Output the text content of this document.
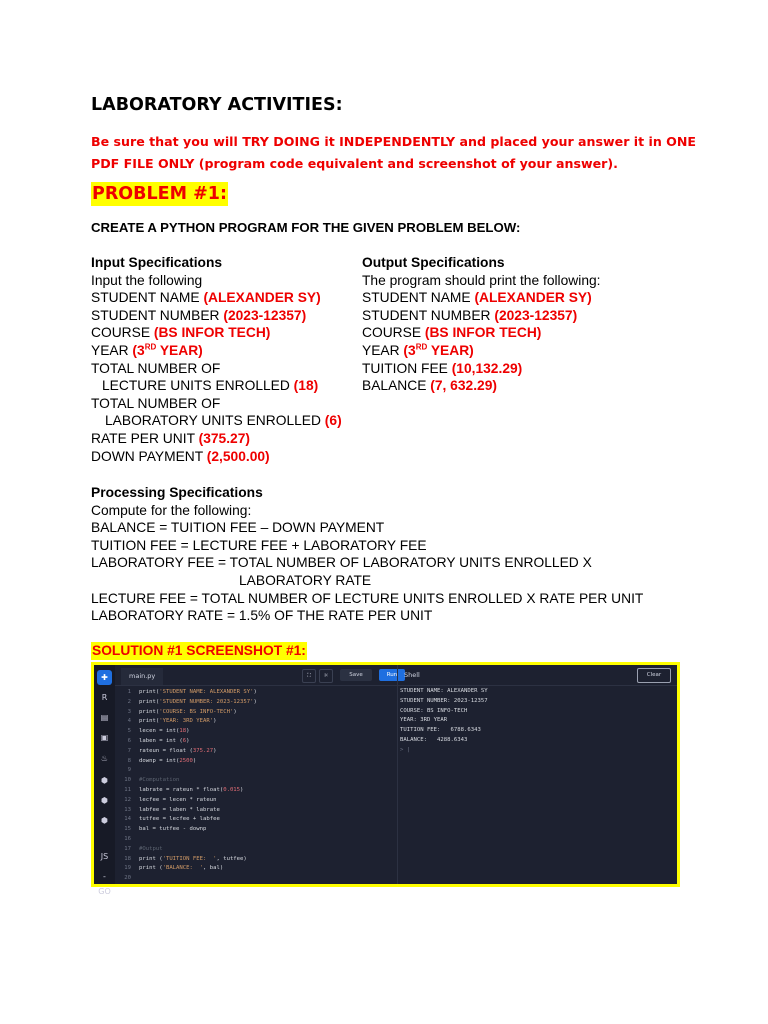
LABORATORY ACTIVITIES:
Be sure that you will TRY DOING it INDEPENDENTLY and placed your answer it in ONE PDF FILE ONLY (program code equivalent and screenshot of your answer).
PROBLEM #1:
CREATE A PYTHON PROGRAM FOR THE GIVEN PROBLEM BELOW:
Input Specifications
Input the following
STUDENT NAME (ALEXANDER SY)
STUDENT NUMBER (2023-12357)
COURSE (BS INFOR TECH)
YEAR (3RD YEAR)
TOTAL NUMBER OF
LECTURE UNITS ENROLLED (18)
TOTAL NUMBER OF
LABORATORY UNITS ENROLLED (6)
RATE PER UNIT (375.27)
DOWN PAYMENT (2,500.00)
Output Specifications
The program should print the following:
STUDENT NAME (ALEXANDER SY)
STUDENT NUMBER (2023-12357)
COURSE (BS INFOR TECH)
YEAR (3RD YEAR)
TUITION FEE (10,132.29)
BALANCE (7, 632.29)
Processing Specifications
Compute for the following:
BALANCE = TUITION FEE – DOWN PAYMENT
TUITION FEE = LECTURE FEE + LABORATORY FEE
LABORATORY FEE = TOTAL NUMBER OF LABORATORY UNITS ENROLLED X
LABORATORY RATE
LECTURE FEE = TOTAL NUMBER OF LECTURE UNITS ENROLLED X RATE PER UNIT
LABORATORY RATE = 1.5% OF THE RATE PER UNIT
SOLUTION #1 SCREENSHOT #1:
✚
R
▤
▣
♨
⬢
⬢
⬢
JS
-GO
main.py	⛶	☼	Save	Run
1 print('STUDENT NAME: ALEXANDER SY')
2 print('STUDENT NUMBER: 2023-12357')
3 print('COURSE: BS INFO-TECH')
4 print('YEAR: 3RD YEAR')
5 lecen = int(18)
6 laben = int (6)
7 rateun = float (375.27)
8 downp = int(2500)
9
10 #Computation
11 labrate = rateun * float(0.015)
12 lecfee = lecen * rateun
13 labfee = laben * labrate
14 tutfee = lecfee + labfee
15 bal = tutfee - downp
16
17 #Output
18 print ('TUITION FEE:  ', tutfee)
19 print ('BALANCE:  ', bal)
20
Shell	Clear
STUDENT NAME: ALEXANDER SY
STUDENT NUMBER: 2023-12357
COURSE: BS INFO-TECH
YEAR: 3RD YEAR
TUITION FEE:   6788.6343
BALANCE:   4288.6343
> |
